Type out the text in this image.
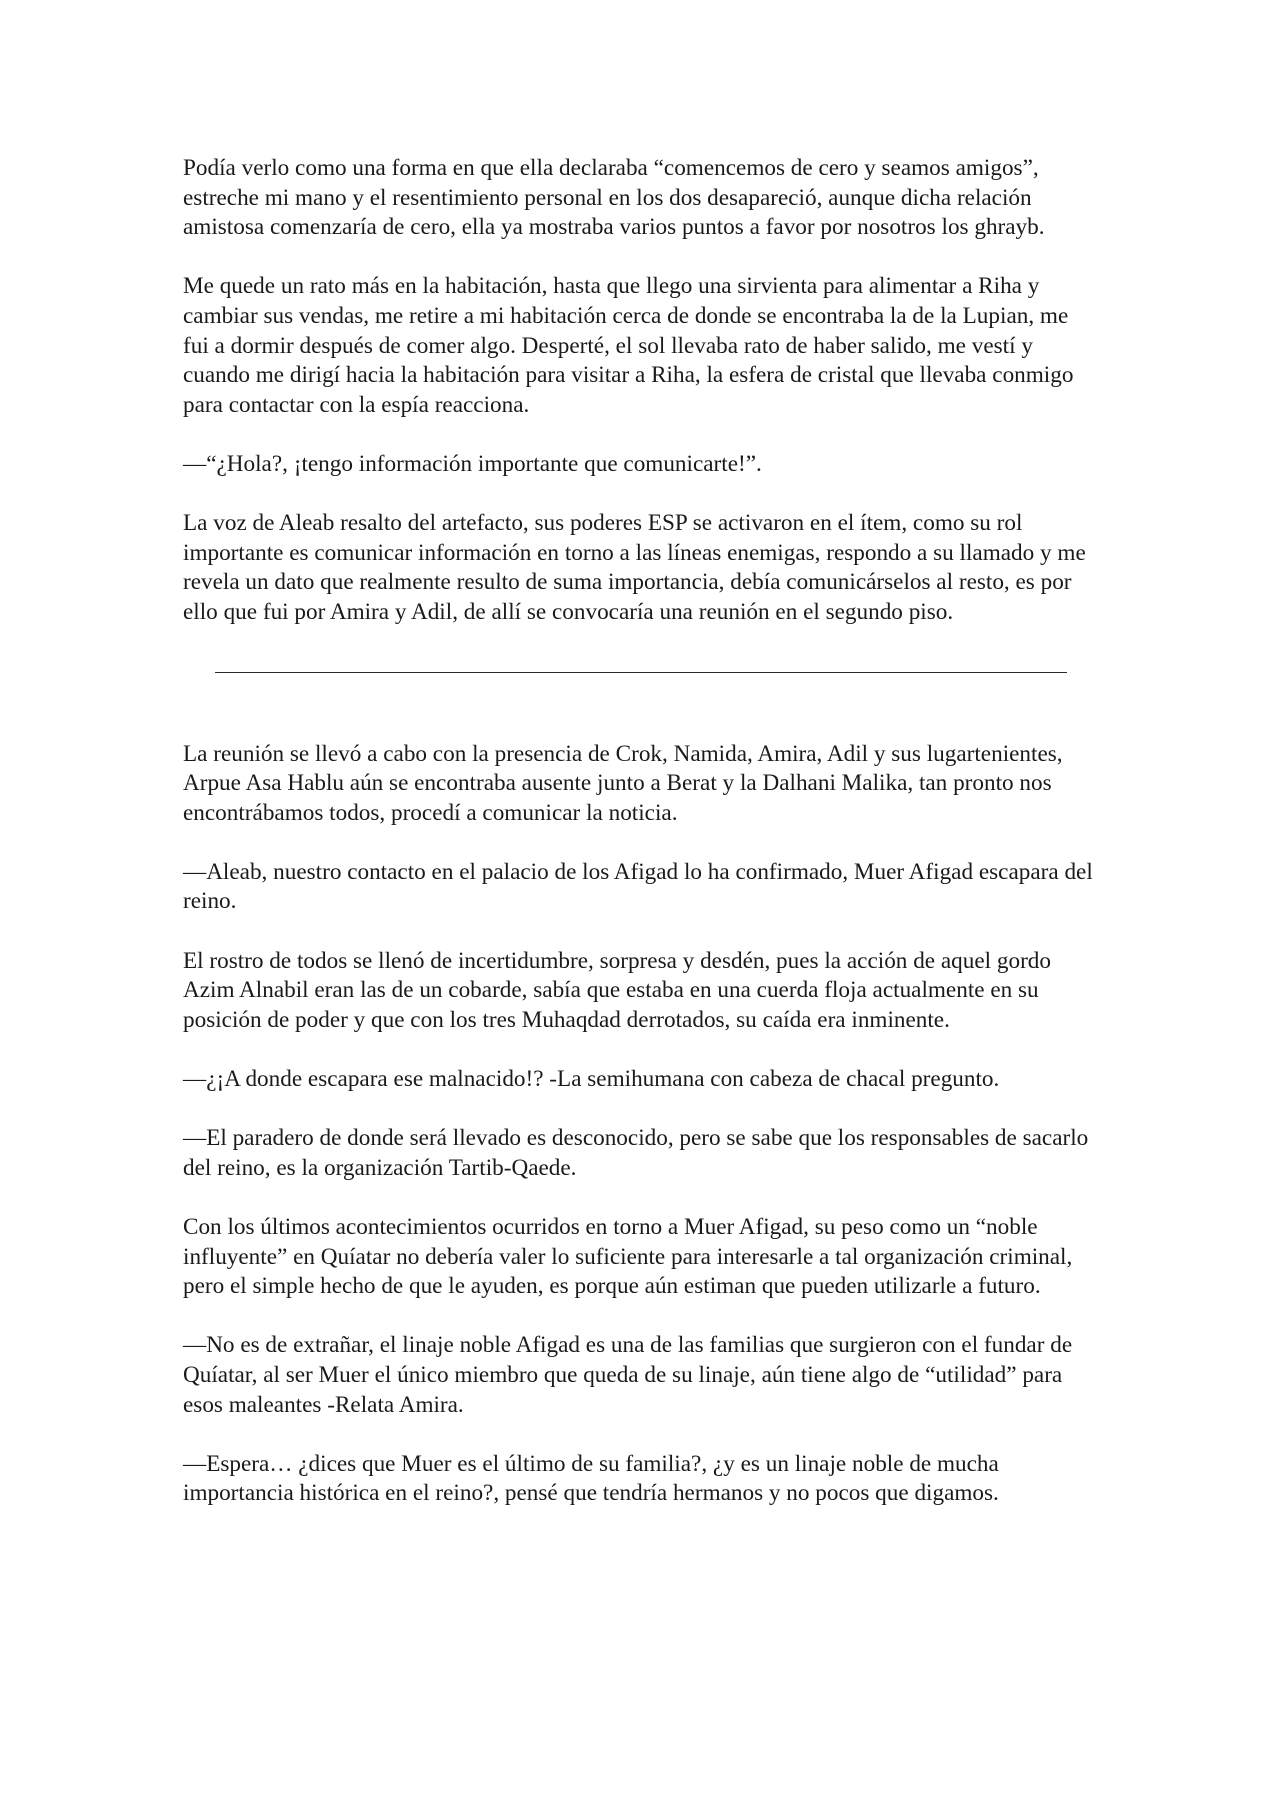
Podía verlo como una forma en que ella declaraba “comencemos de cero y seamos amigos”, estreche mi mano y el resentimiento personal en los dos desapareció, aunque dicha relación amistosa comenzaría de cero, ella ya mostraba varios puntos a favor por nosotros los ghrayb.

Me quede un rato más en la habitación, hasta que llego una sirvienta para alimentar a Riha y cambiar sus vendas, me retire a mi habitación cerca de donde se encontraba la de la Lupian, me fui a dormir después de comer algo. Desperté, el sol llevaba rato de haber salido, me vestí y cuando me dirigí hacia la habitación para visitar a Riha, la esfera de cristal que llevaba conmigo para contactar con la espía reacciona.

—“¿Hola?, ¡tengo información importante que comunicarte!”.

La voz de Aleab resalto del artefacto, sus poderes ESP se activaron en el ítem, como su rol importante es comunicar información en torno a las líneas enemigas, respondo a su llamado y me revela un dato que realmente resulto de suma importancia, debía comunicárselos al resto, es por ello que fui por Amira y Adil, de allí se convocaría una reunión en el segundo piso.

La reunión se llevó a cabo con la presencia de Crok, Namida, Amira, Adil y sus lugartenientes, Arpue Asa Hablu aún se encontraba ausente junto a Berat y la Dalhani Malika, tan pronto nos encontrábamos todos, procedí a comunicar la noticia.

—Aleab, nuestro contacto en el palacio de los Afigad lo ha confirmado, Muer Afigad escapara del reino.

El rostro de todos se llenó de incertidumbre, sorpresa y desdén, pues la acción de aquel gordo Azim Alnabil eran las de un cobarde, sabía que estaba en una cuerda floja actualmente en su posición de poder y que con los tres Muhaqdad derrotados, su caída era inminente.

—¿¡A donde escapara ese malnacido!? -La semihumana con cabeza de chacal pregunto.

—El paradero de donde será llevado es desconocido, pero se sabe que los responsables de sacarlo del reino, es la organización Tartib-Qaede.

Con los últimos acontecimientos ocurridos en torno a Muer Afigad, su peso como un “noble influyente” en Quíatar no debería valer lo suficiente para interesarle a tal organización criminal, pero el simple hecho de que le ayuden, es porque aún estiman que pueden utilizarle a futuro.

—No es de extrañar, el linaje noble Afigad es una de las familias que surgieron con el fundar de Quíatar, al ser Muer el único miembro que queda de su linaje, aún tiene algo de “utilidad” para esos maleantes -Relata Amira.

—Espera… ¿dices que Muer es el último de su familia?, ¿y es un linaje noble de mucha importancia histórica en el reino?, pensé que tendría hermanos y no pocos que digamos.
